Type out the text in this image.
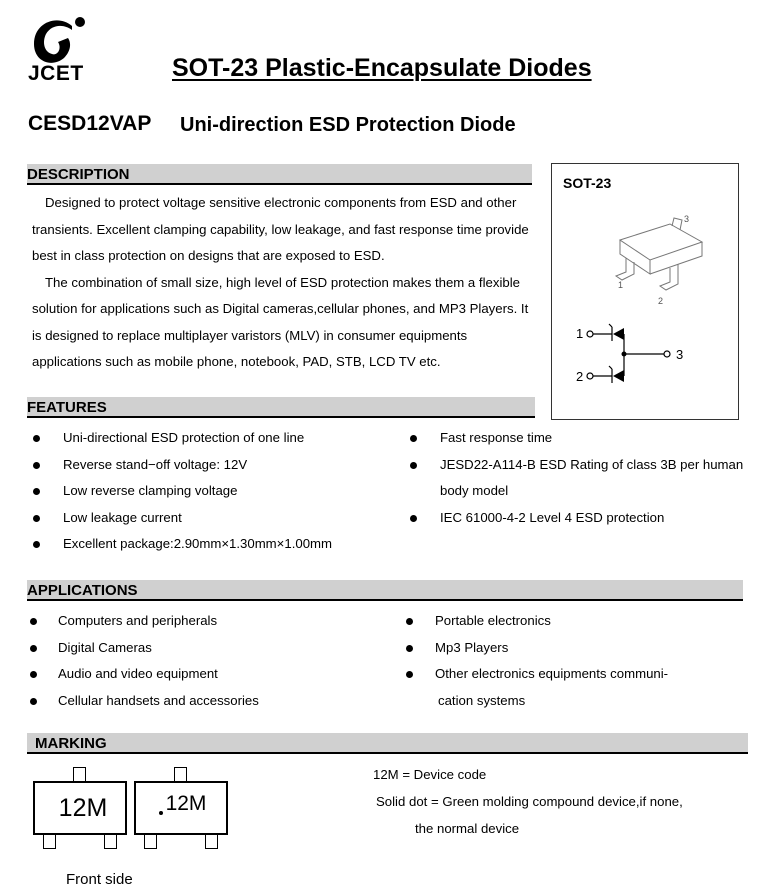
JCET	SOT-23 Plastic-Encapsulate Diodes
CESD12VAP Uni-direction ESD Protection Diode
DESCRIPTION
Designed to protect voltage sensitive electronic components from ESD and other
transients. Excellent clamping capability, low leakage, and fast response time provide
best in class protection on designs that are exposed to ESD.
The combination of small size, high level of ESD protection makes them a flexible
solution for applications such as Digital cameras,cellular phones, and MP3 Players. It
is designed to replace multiplayer varistors (MLV) in consumer equipments
applications such as mobile phone, notebook, PAD, STB, LCD TV etc.
SOT-23
3
1
2
1
2
3
FEATURES
Uni-directional ESD protection of one line
Reverse stand−off voltage: 12V
Low reverse clamping voltage
Low leakage current
Excellent package:2.90mm×1.30mm×1.00mm
Fast response time
JESD22-A114-B ESD Rating of class 3B per human
body model
IEC 61000-4-2 Level 4 ESD protection
APPLICATIONS
Computers and peripherals
Digital Cameras
Audio and video equipment
Cellular handsets and accessories
Portable electronics
Mp3 Players
Other electronics equipments communi-
cation systems
MARKING
12M	12M
Front side
12M = Device code
Solid dot = Green molding compound device,if none,
the normal device
